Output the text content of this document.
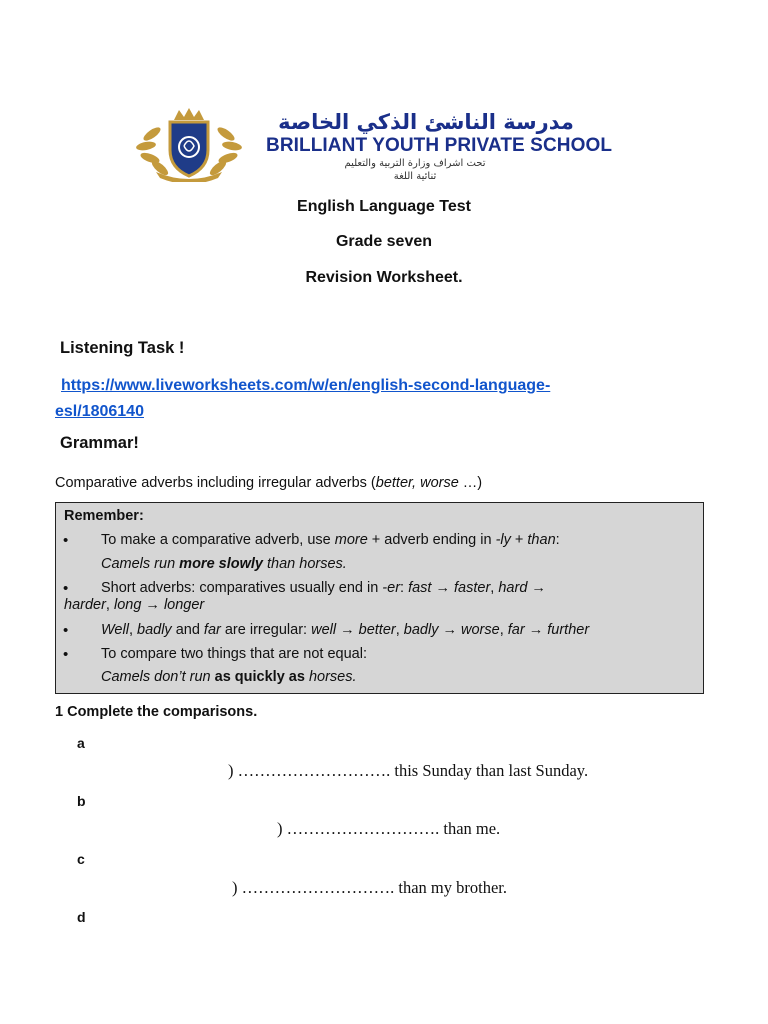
مدرسة الناشئ الذكي الخاصة
BRILLIANT YOUTH PRIVATE SCHOOL
تحت اشراف وزارة التربية والتعليم
ثنائية اللغة
English Language Test
Grade seven
Revision Worksheet.
Listening Task !
https://www.liveworksheets.com/w/en/english-second-language-
esl/1806140
Grammar!
Comparative adverbs including irregular adverbs (better, worse …)
Remember:
• To make a comparative adverb, use more + adverb ending in -ly + than:
Camels run more slowly than horses.
• Short adverbs: comparatives usually end in -er: fast → faster, hard →
harder, long → longer
• Well, badly and far are irregular: well → better, badly → worse, far → further
• To compare two things that are not equal:
Camels don’t run as quickly as horses.
1 Complete the comparisons.
a
) ………………………. this Sunday than last Sunday.
b
) ………………………. than me.
c
) ………………………. than my brother.
d
